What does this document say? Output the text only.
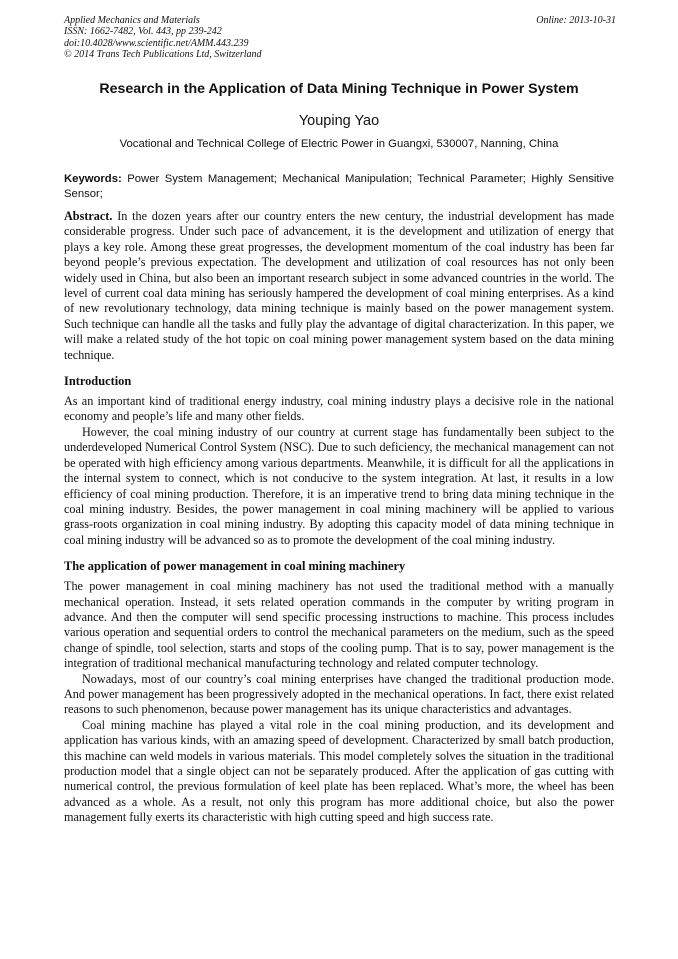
Applied Mechanics and Materials
ISSN: 1662-7482, Vol. 443, pp 239-242
doi:10.4028/www.scientific.net/AMM.443.239
© 2014 Trans Tech Publications Ltd, Switzerland
Online: 2013-10-31
Research in the Application of Data Mining Technique in Power System
Youping Yao
Vocational and Technical College of Electric Power in Guangxi, 530007, Nanning, China
Keywords: Power System Management; Mechanical Manipulation; Technical Parameter; Highly Sensitive Sensor;

Abstract. In the dozen years after our country enters the new century, the industrial development has made considerable progress. Under such pace of advancement, it is the development and utilization of energy that plays a key role. Among these great progresses, the development momentum of the coal industry has been far beyond people’s previous expectation. The development and utilization of coal resources has not only been widely used in China, but also been an important research subject in some advanced countries in the world. The level of current coal data mining has seriously hampered the development of coal mining enterprises. As a kind of new revolutionary technology, data mining technique is mainly based on the power management system. Such technique can handle all the tasks and fully play the advantage of digital characterization. In this paper, we will make a related study of the hot topic on coal mining power management system based on the data mining technique.

Introduction

As an important kind of traditional energy industry, coal mining industry plays a decisive role in the national economy and people’s life and many other fields.

However, the coal mining industry of our country at current stage has fundamentally been subject to the underdeveloped Numerical Control System (NSC). Due to such deficiency, the mechanical management can not be operated with high efficiency among various departments. Meanwhile, it is difficult for all the applications in the internal system to connect, which is not conducive to the system integration. At last, it results in a low efficiency of coal mining production. Therefore, it is an imperative trend to bring data mining technique in the coal mining industry. Besides, the power management in coal mining machinery will be applied to various grass-roots organization in coal mining industry. By adopting this capacity model of data mining technique in coal mining industry will be advanced so as to promote the development of the coal mining industry.

The application of power management in coal mining machinery

The power management in coal mining machinery has not used the traditional method with a manually mechanical operation. Instead, it sets related operation commands in the computer by writing program in advance. And then the computer will send specific processing instructions to machine. This process includes various operation and sequential orders to control the mechanical parameters on the medium, such as the speed change of spindle, tool selection, starts and stops of the cooling pump. That is to say, power management is the integration of traditional mechanical manufacturing technology and related computer technology.

Nowadays, most of our country’s coal mining enterprises have changed the traditional production mode. And power management has been progressively adopted in the mechanical operations. In fact, there exist related reasons to such phenomenon, because power management has its unique characteristics and advantages.

Coal mining machine has played a vital role in the coal mining production, and its development and application has various kinds, with an amazing speed of development. Characterized by small batch production, this machine can weld models in various materials. This model completely solves the situation in the traditional production model that a single object can not be separately produced. After the application of gas cutting with numerical control, the previous formulation of keel plate has been replaced. What’s more, the wheel has been advanced as a whole. As a result, not only this program has more additional choice, but also the power management fully exerts its characteristic with high cutting speed and high success rate.
